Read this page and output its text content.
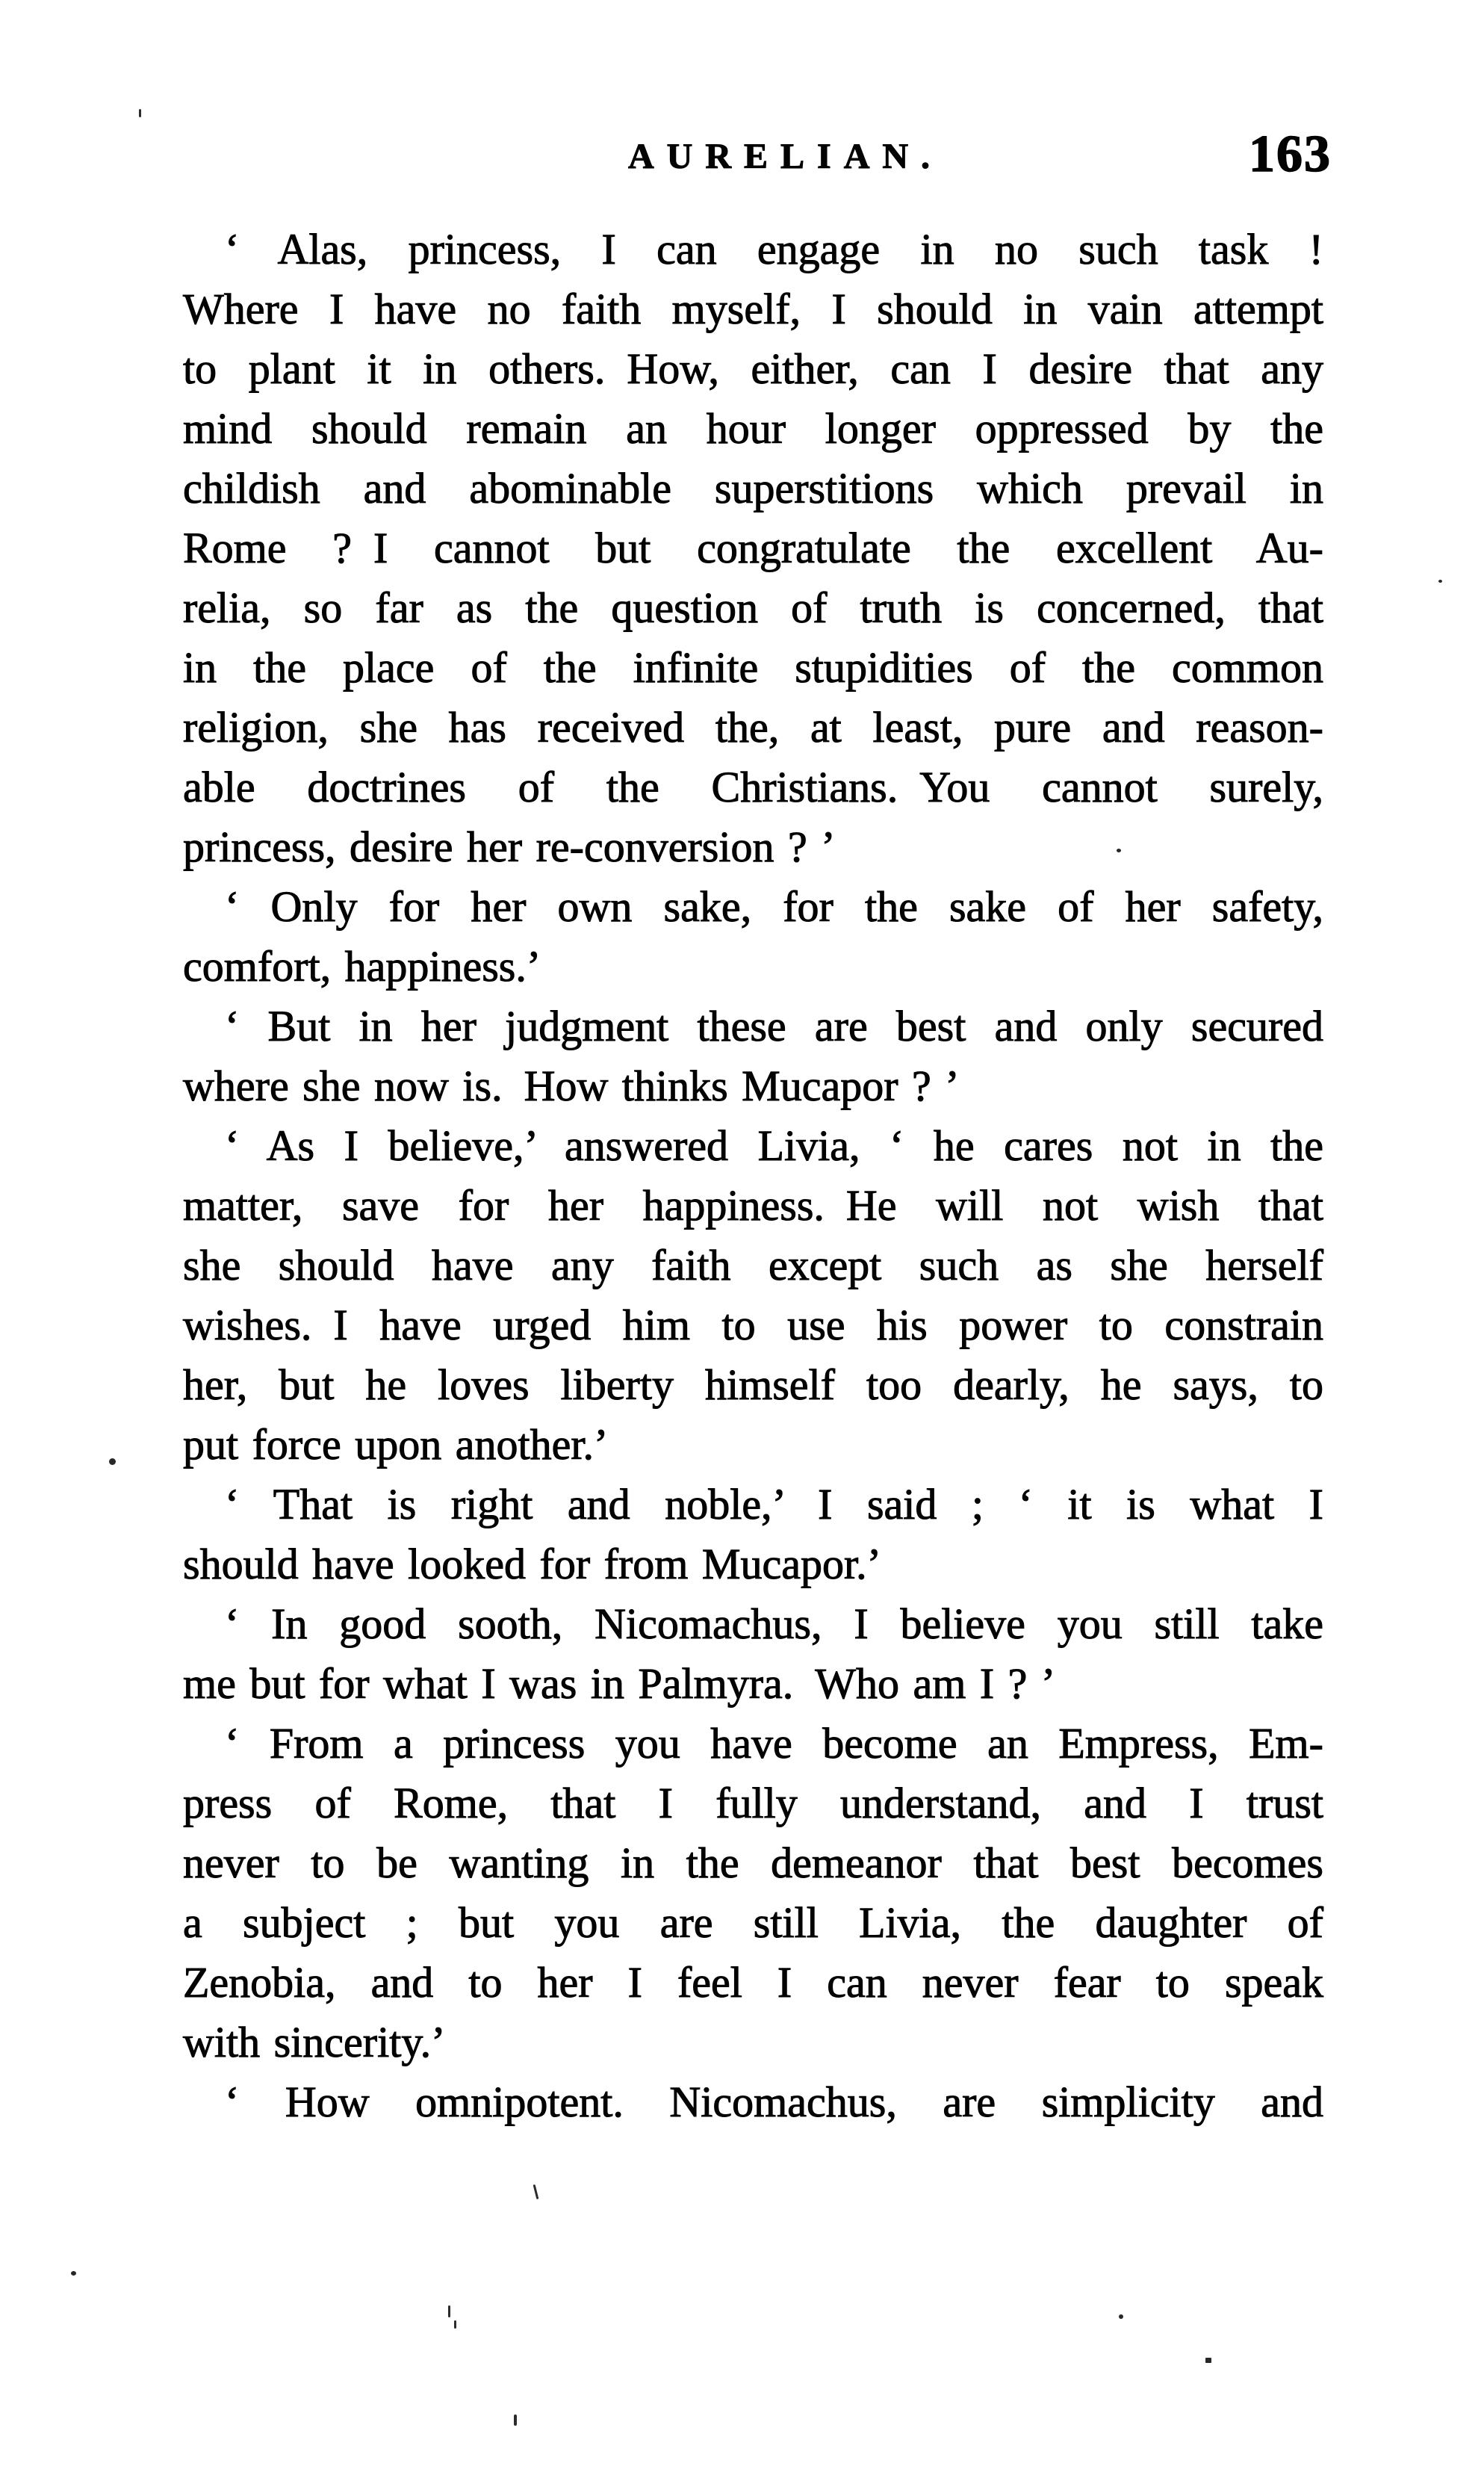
AURELIAN.	163
‘ Alas, princess, I can engage in no such task !
Where I have no faith myself, I should in vain attempt
to plant it in others. How, either, can I desire that any
mind should remain an hour longer oppressed by the
childish and abominable superstitions which prevail in
Rome ? I cannot but congratulate the excellent Au-
relia, so far as the question of truth is concerned, that
in the place of the infinite stupidities of the common
religion, she has received the, at least, pure and reason-
able doctrines of the Christians. You cannot surely,
princess, desire her re-conversion ? ’
‘ Only for her own sake, for the sake of her safety,
comfort, happiness.’
‘ But in her judgment these are best and only secured
where she now is. How thinks Mucapor ? ’
‘ As I believe,’ answered Livia, ‘ he cares not in the
matter, save for her happiness. He will not wish that
she should have any faith except such as she herself
wishes. I have urged him to use his power to constrain
her, but he loves liberty himself too dearly, he says, to
put force upon another.’
‘ That is right and noble,’ I said ; ‘ it is what I
should have looked for from Mucapor.’
‘ In good sooth, Nicomachus, I believe you still take
me but for what I was in Palmyra. Who am I ? ’
‘ From a princess you have become an Empress, Em-
press of Rome, that I fully understand, and I trust
never to be wanting in the demeanor that best becomes
a subject ; but you are still Livia, the daughter of
Zenobia, and to her I feel I can never fear to speak
with sincerity.’
‘ How omnipotent. Nicomachus, are simplicity and
